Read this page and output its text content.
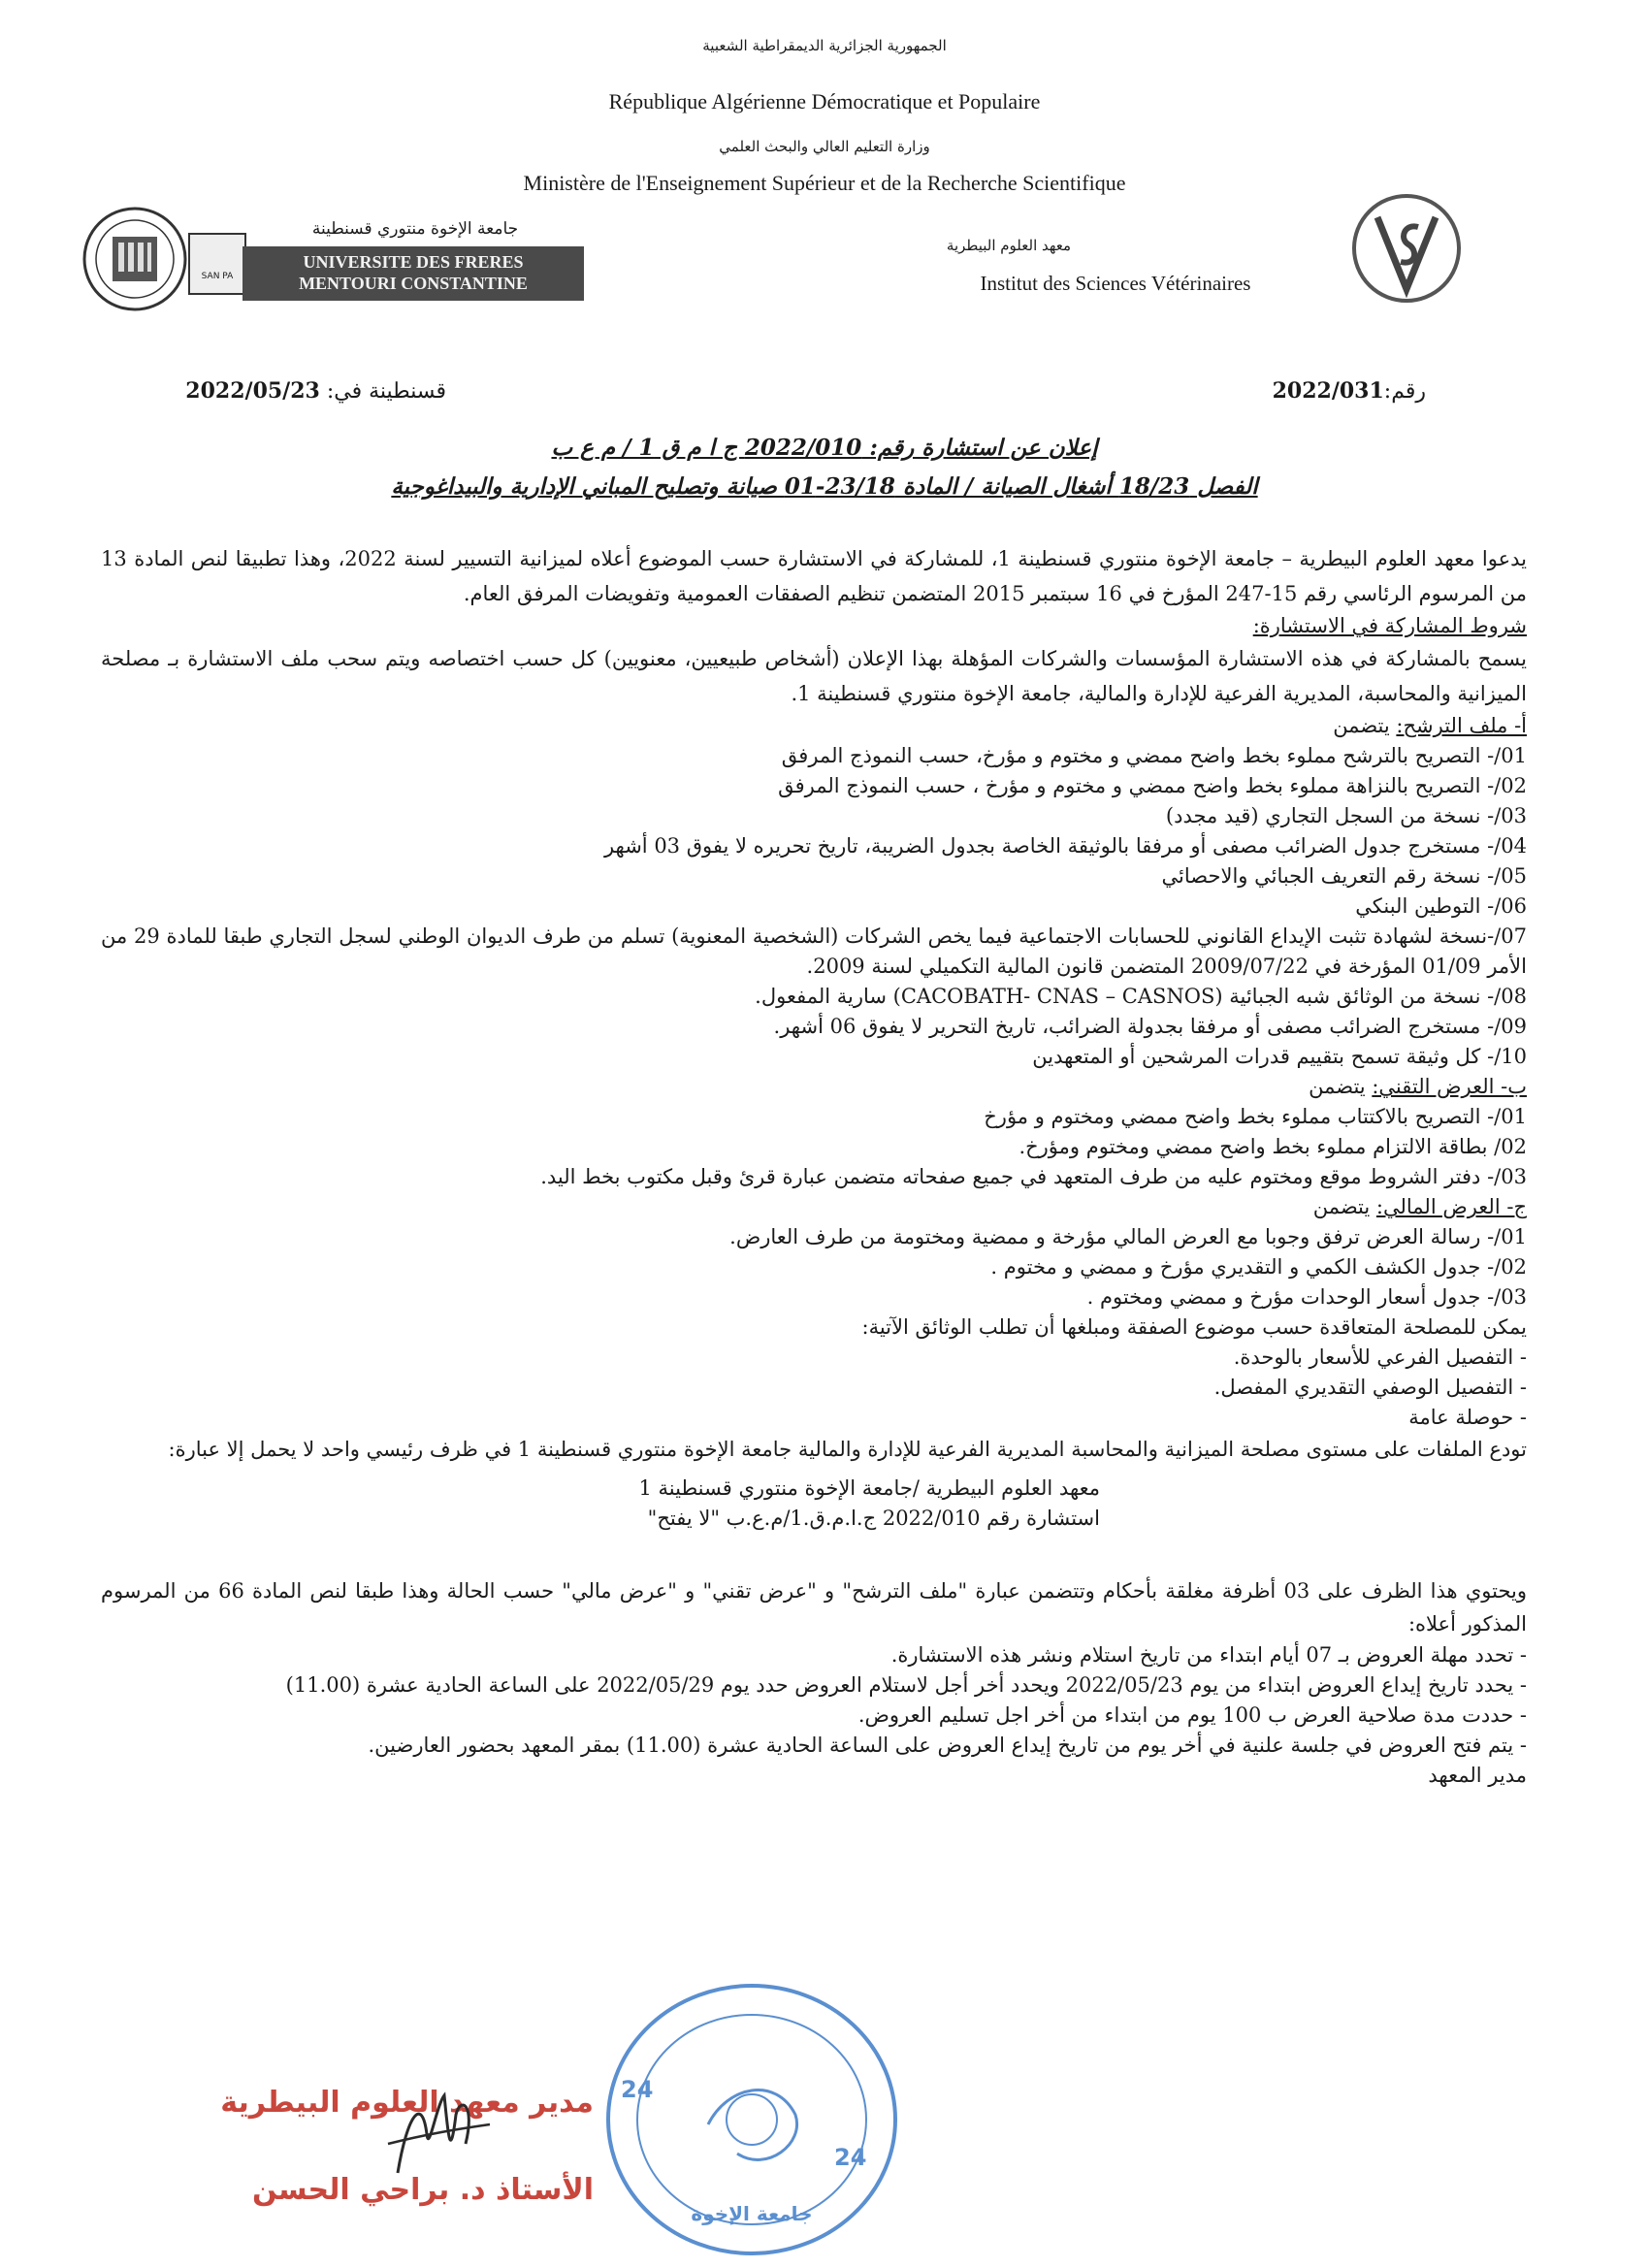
الجمهورية الجزائرية الديمقراطية الشعبية
République Algérienne Démocratique et Populaire
وزارة التعليم العالي والبحث العلمي
Ministère de l'Enseignement Supérieur et de la Recherche Scientifique
SAN PA
جامعة الإخوة منتوري قسنطينة
UNIVERSITE DES FRERES
MENTOURI CONSTANTINE
معهد العلوم البيطرية
Institut des Sciences Vétérinaires
رقم:2022/031
قسنطينة في: 2022/05/23
إعلان عن استشارة رقم: 2022/010 ج ا م ق 1 / م ع ب
الفصل 18/23 أشغال الصيانة / المادة 23/18-01 صيانة وتصليح المباني الإدارية والبيداغوجية
يدعوا معهد العلوم البيطرية – جامعة الإخوة منتوري قسنطينة 1، للمشاركة في الاستشارة حسب الموضوع أعلاه لميزانية التسيير لسنة 2022، وهذا تطبيقا لنص المادة 13 من المرسوم الرئاسي رقم 15-247 المؤرخ في 16 سبتمبر 2015 المتضمن تنظيم الصفقات العمومية وتفويضات المرفق العام.
شروط المشاركة في الاستشارة:
يسمح بالمشاركة في هذه الاستشارة المؤسسات والشركات المؤهلة بهذا الإعلان (أشخاص طبيعيين، معنويين) كل حسب اختصاصه ويتم سحب ملف الاستشارة بـ مصلحة الميزانية والمحاسبة، المديرية الفرعية للإدارة والمالية، جامعة الإخوة منتوري قسنطينة 1.
أ- ملف الترشح: يتضمن
01/- التصريح بالترشح مملوء بخط واضح ممضي و مختوم و مؤرخ، حسب النموذج المرفق
02/- التصريح بالنزاهة مملوء بخط واضح ممضي و مختوم و مؤرخ ، حسب النموذج المرفق
03/- نسخة من السجل التجاري (قيد مجدد)
04/- مستخرج جدول الضرائب مصفى أو مرفقا بالوثيقة الخاصة بجدول الضريبة، تاريخ تحريره لا يفوق 03 أشهر
05/- نسخة رقم التعريف الجبائي والاحصائي
06/- التوطين البنكي
07/-نسخة لشهادة تثبت الإيداع القانوني للحسابات الاجتماعية فيما يخص الشركات (الشخصية المعنوية) تسلم من طرف الديوان الوطني لسجل التجاري طبقا للمادة 29 من الأمر 01/09 المؤرخة في 2009/07/22 المتضمن قانون المالية التكميلي لسنة 2009.
08/- نسخة من الوثائق شبه الجبائية (CACOBATH- CNAS – CASNOS) سارية المفعول.
09/- مستخرج الضرائب مصفى أو مرفقا بجدولة الضرائب، تاريخ التحرير لا يفوق 06 أشهر.
10/- كل وثيقة تسمح بتقييم قدرات المرشحين أو المتعهدين
ب- العرض التقني: يتضمن
01/- التصريح بالاكتتاب مملوء بخط واضح ممضي ومختوم و مؤرخ
02/ بطاقة الالتزام مملوء بخط واضح ممضي ومختوم ومؤرخ.
03/- دفتر الشروط موقع ومختوم عليه من طرف المتعهد في جميع صفحاته متضمن عبارة قرئ وقبل مكتوب بخط اليد.
ج- العرض المالي: يتضمن
01/- رسالة العرض ترفق وجوبا مع العرض المالي مؤرخة و ممضية ومختومة من طرف العارض.
02/- جدول الكشف الكمي و التقديري مؤرخ و ممضي و مختوم .
03/- جدول أسعار الوحدات مؤرخ و ممضي ومختوم .
يمكن للمصلحة المتعاقدة حسب موضوع الصفقة ومبلغها أن تطلب الوثائق الآتية:
- التفصيل الفرعي للأسعار بالوحدة.
- التفصيل الوصفي التقديري المفصل.
- حوصلة عامة
تودع الملفات على مستوى مصلحة الميزانية والمحاسبة المديرية الفرعية للإدارة والمالية جامعة الإخوة منتوري قسنطينة 1 في ظرف رئيسي واحد لا يحمل إلا عبارة:
معهد العلوم البيطرية /جامعة الإخوة منتوري قسنطينة 1
استشارة رقم 2022/010 ج.ا.م.ق.1/م.ع.ب "لا يفتح"
ويحتوي هذا الظرف على 03 أظرفة مغلقة بأحكام وتتضمن عبارة "ملف الترشح" و "عرض تقني" و "عرض مالي" حسب الحالة وهذا طبقا لنص المادة 66 من المرسوم المذكور أعلاه:
- تحدد مهلة العروض بـ 07 أيام ابتداء من تاريخ استلام ونشر هذه الاستشارة.
- يحدد تاريخ إيداع العروض ابتداء من يوم 2022/05/23 ويحدد أخر أجل لاستلام العروض حدد يوم 2022/05/29 على الساعة الحادية عشرة (11.00)
- حددت مدة صلاحية العرض ب 100 يوم من ابتداء من أخر اجل تسليم العروض.
- يتم فتح العروض في جلسة علنية في أخر يوم من تاريخ إيداع العروض على الساعة الحادية عشرة (11.00) بمقر المعهد بحضور العارضين.
مدير المعهد
مدير معهد العلوم البيطرية
الأستاذ د. براحي الحسن
24
24
جامعة الإخوة
